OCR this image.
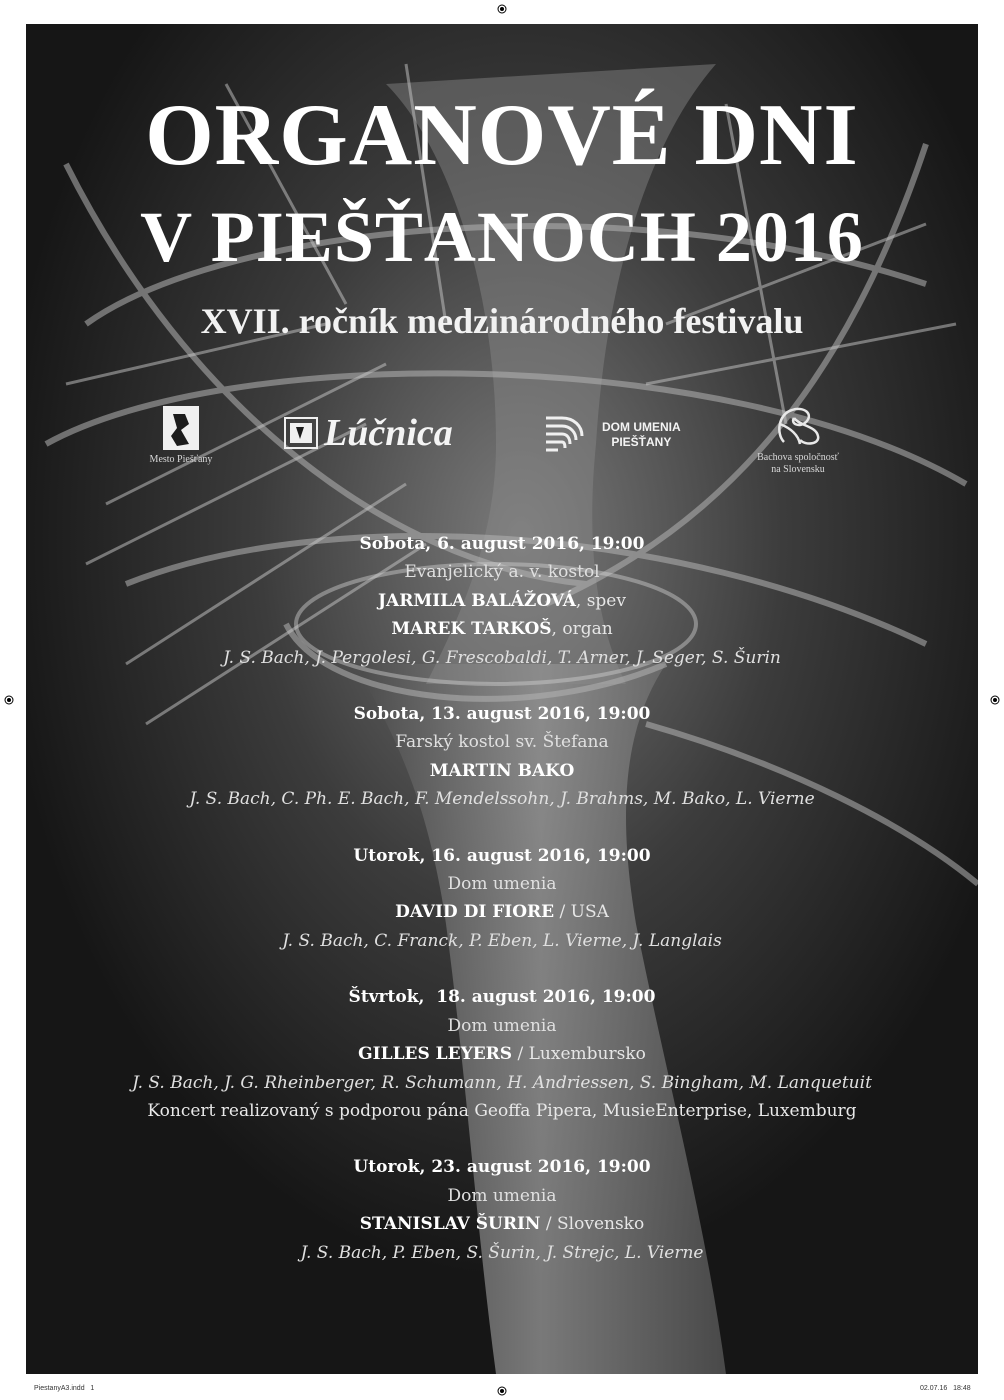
ORGANOVÉ DNI
V PIEŠŤANOCH 2016
XVII. ročník medzinárodného festivalu
Mesto Piešťany
Lúčnica	DOM UMENIA
PIEŠŤANY
Bachova spoločnosť
na Slovensku
Sobota, 6. august 2016, 19:00
Evanjelický a. v. kostol
JARMILA BALÁŽOVÁ, spev
MAREK TARKOŠ, organ
J. S. Bach, J. Pergolesi, G. Frescobaldi, T. Arner, J. Seger, S. Šurin
Sobota, 13. august 2016, 19:00
Farský kostol sv. Štefana
MARTIN BAKO
J. S. Bach, C. Ph. E. Bach, F. Mendelssohn, J. Brahms, M. Bako, L. Vierne
Utorok, 16. august 2016, 19:00
Dom umenia
DAVID DI FIORE / USA
J. S. Bach, C. Franck, P. Eben, L. Vierne, J. Langlais
Štvrtok,  18. august 2016, 19:00
Dom umenia
GILLES LEYERS / Luxembursko
J. S. Bach, J. G. Rheinberger, R. Schumann, H. Andriessen, S. Bingham, M. Lanquetuit
Koncert realizovaný s podporou pána Geoffa Pipera, MusieEnterprise, Luxemburg
Utorok, 23. august 2016, 19:00
Dom umenia
STANISLAV ŠURIN / Slovensko
J. S. Bach, P. Eben, S. Šurin, J. Strejc, L. Vierne
PiestanyA3.indd   1	02.07.16   18:48
